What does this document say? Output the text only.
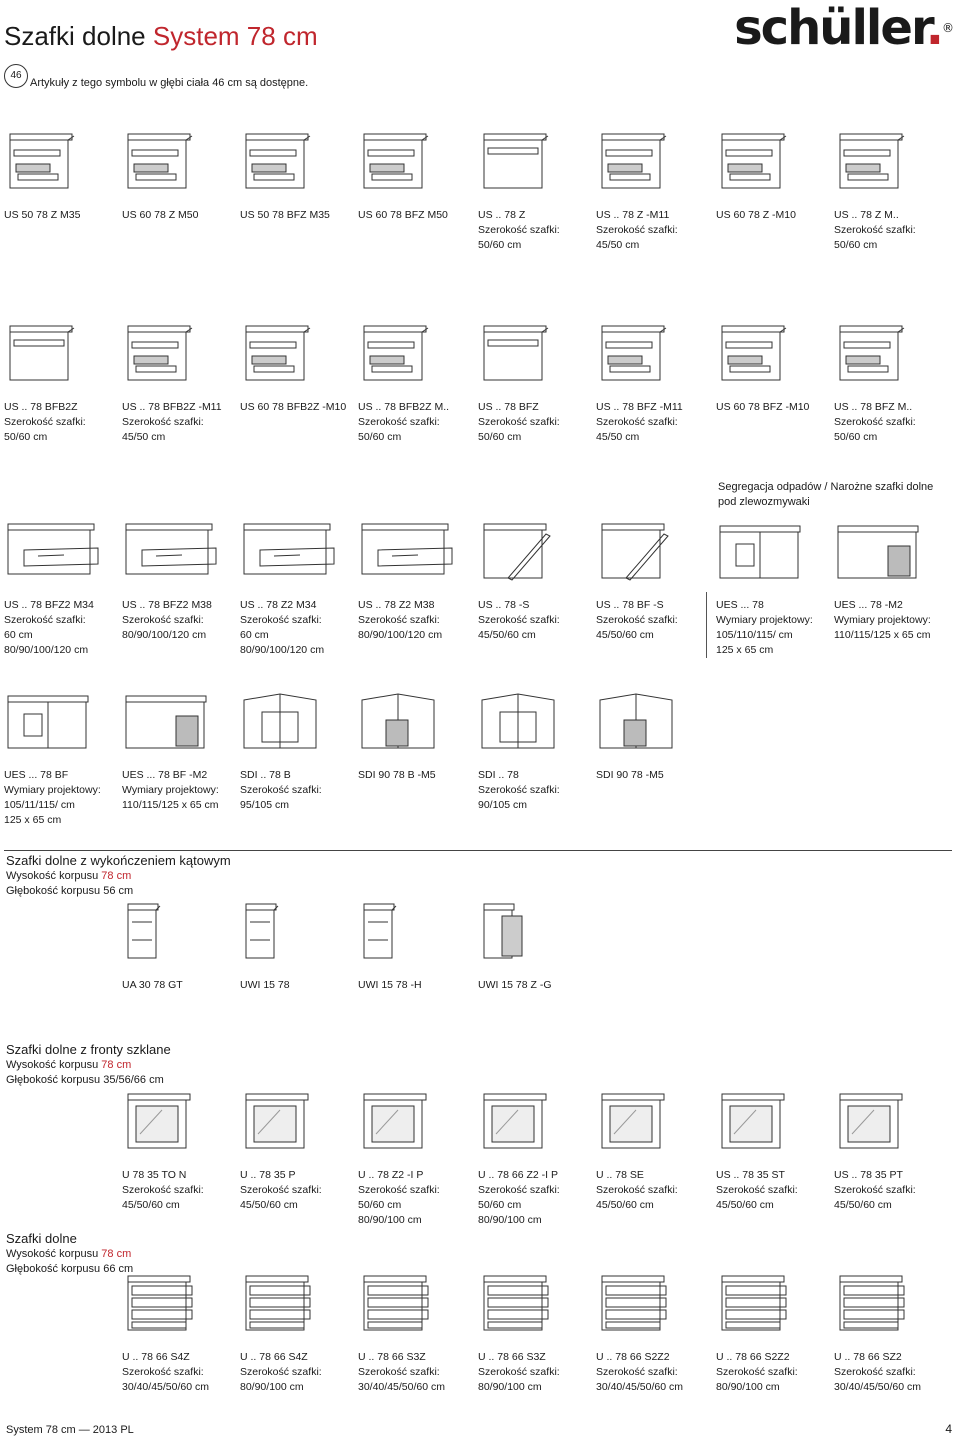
Szafki dolne System 78 cm	schüller.®
46
Artykuły z tego symbolu w głębi ciała 46 cm są dostępne.
Segregacja odpadów / Narożne szafki dolne
pod zlewozmywaki
Szafki dolne z wykończeniem kątowym
Wysokość korpusu 78 cm
Głębokość korpusu 56 cm
Szafki dolne z fronty szklane
Wysokość korpusu 78 cm
Głębokość korpusu 35/56/66 cm
Szafki dolne
Wysokość korpusu 78 cm
Głębokość korpusu 66 cm
US 50 78 Z M35	US 60 78 Z M50	US 50 78 BFZ M35	US 60 78 BFZ M50	US .. 78 Z
Szerokość szafki:
50/60 cm
US .. 78 Z -M11
Szerokość szafki:
45/50 cm
US 60 78 Z -M10	US .. 78 Z M..
Szerokość szafki:
50/60 cm
US .. 78 BFB2Z
Szerokość szafki:
50/60 cm
US .. 78 BFB2Z -M11
Szerokość szafki:
45/50 cm
US 60 78 BFB2Z -M10	US .. 78 BFB2Z M..
Szerokość szafki:
50/60 cm
US .. 78 BFZ
Szerokość szafki:
50/60 cm
US .. 78 BFZ -M11
Szerokość szafki:
45/50 cm
US 60 78 BFZ -M10	US .. 78 BFZ M..
Szerokość szafki:
50/60 cm
US .. 78 BFZ2 M34
Szerokość szafki:
60 cm
80/90/100/120 cm
US .. 78 BFZ2 M38
Szerokość szafki:
80/90/100/120 cm
US .. 78 Z2 M34
Szerokość szafki:
60 cm
80/90/100/120 cm
US .. 78 Z2 M38
Szerokość szafki:
80/90/100/120 cm
US .. 78 -S
Szerokość szafki:
45/50/60 cm
US .. 78 BF -S
Szerokość szafki:
45/50/60 cm
UES ... 78
Wymiary projektowy:
105/110/115/ cm
125 x 65 cm
UES ... 78 -M2
Wymiary projektowy:
110/115/125 x 65 cm
UES ... 78 BF
Wymiary projektowy:
105/11/115/ cm
125 x 65 cm
UES ... 78 BF -M2
Wymiary projektowy:
110/115/125 x 65 cm
SDI .. 78 B
Szerokość szafki:
95/105 cm
SDI 90 78 B -M5	SDI .. 78
Szerokość szafki:
90/105 cm
SDI 90 78 -M5
UA 30 78 GT	UWI 15 78	UWI 15 78 -H	UWI 15 78 Z -G
U 78 35 TO N
Szerokość szafki:
45/50/60 cm
U .. 78 35 P
Szerokość szafki:
45/50/60 cm
U .. 78 Z2 -I P
Szerokość szafki:
50/60 cm
80/90/100 cm
U .. 78 66 Z2 -I P
Szerokość szafki:
50/60 cm
80/90/100 cm
U .. 78 SE
Szerokość szafki:
45/50/60 cm
US .. 78 35 ST
Szerokość szafki:
45/50/60 cm
US .. 78 35 PT
Szerokość szafki:
45/50/60 cm
U .. 78 66 S4Z
Szerokość szafki:
30/40/45/50/60 cm
U .. 78 66 S4Z
Szerokość szafki:
80/90/100 cm
U .. 78 66 S3Z
Szerokość szafki:
30/40/45/50/60 cm
U .. 78 66 S3Z
Szerokość szafki:
80/90/100 cm
U .. 78 66 S2Z2
Szerokość szafki:
30/40/45/50/60 cm
U .. 78 66 S2Z2
Szerokość szafki:
80/90/100 cm
U .. 78 66 SZ2
Szerokość szafki:
30/40/45/50/60 cm
System 78 cm — 2013 PL	4
